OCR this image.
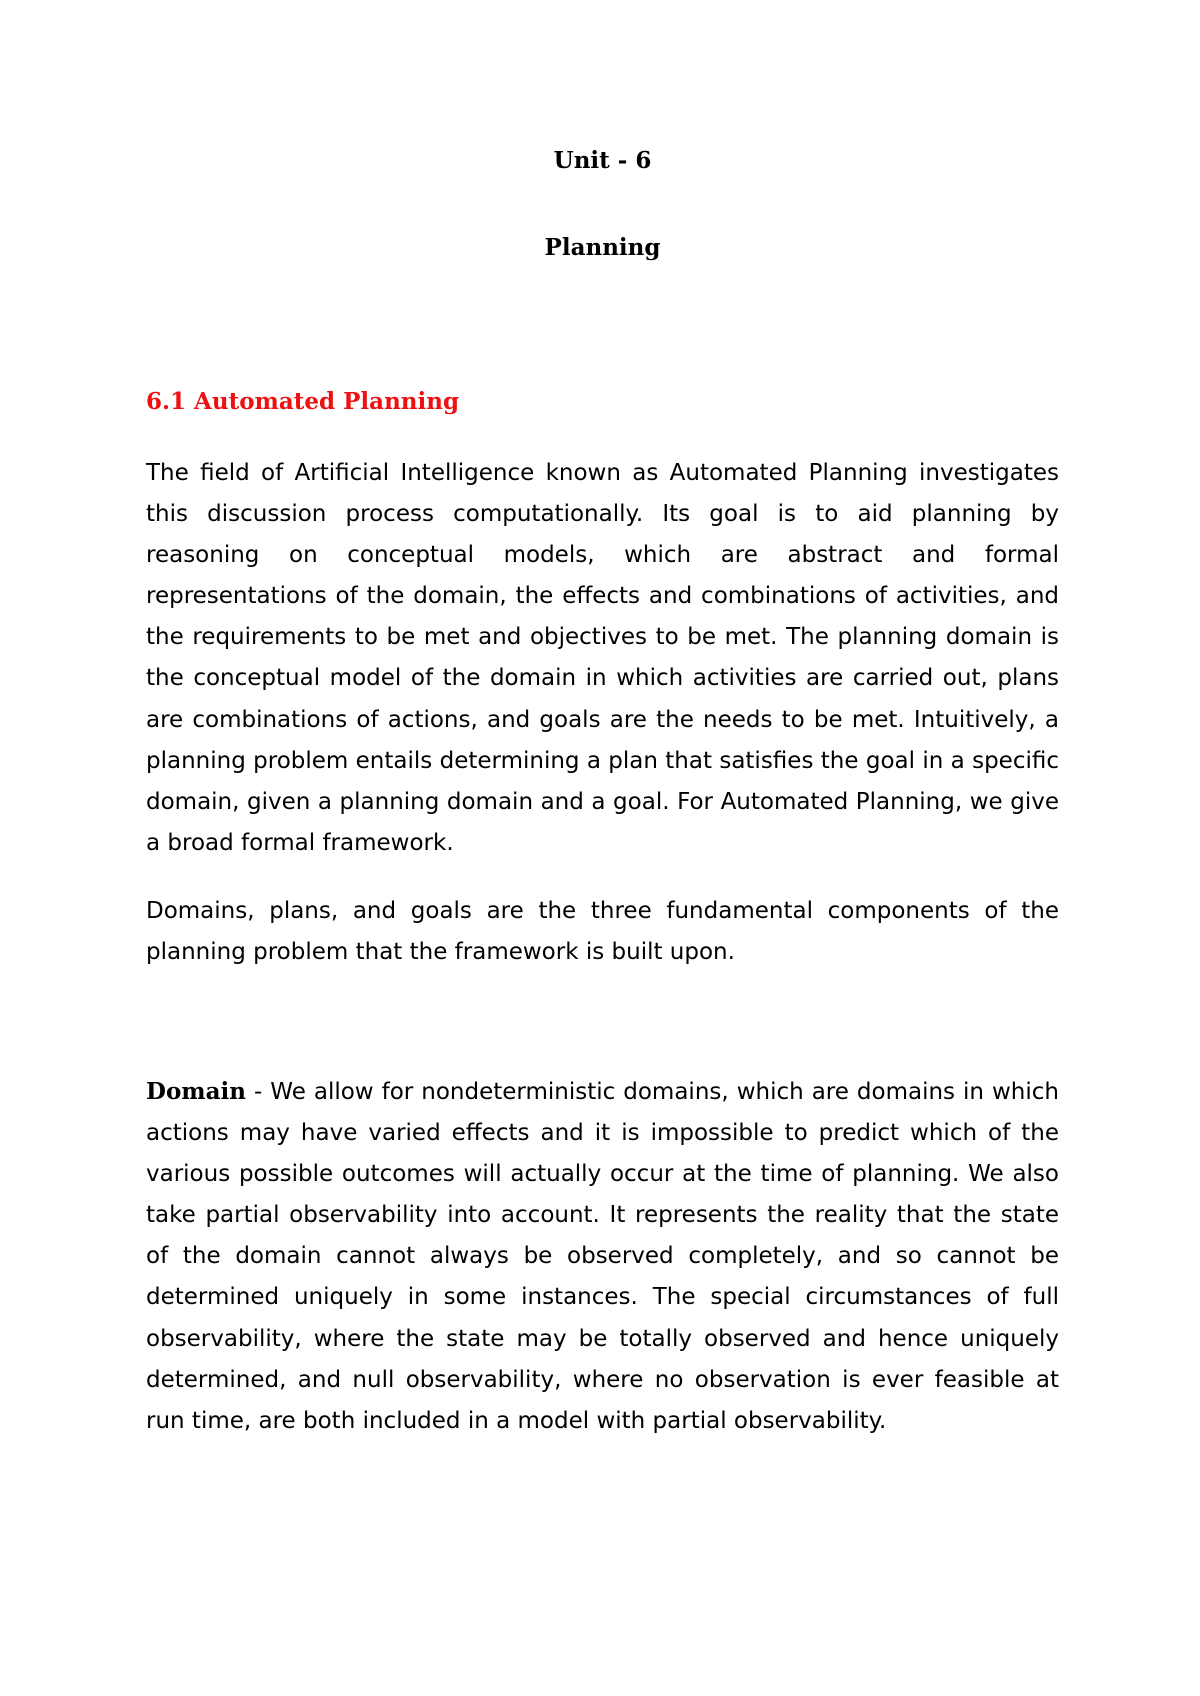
Unit - 6
Planning
6.1 Automated Planning

The field of Artificial Intelligence known as Automated Planning investigates this discussion process computationally. Its goal is to aid planning by reasoning on conceptual models, which are abstract and formal representations of the domain, the effects and combinations of activities, and the requirements to be met and objectives to be met. The planning domain is the conceptual model of the domain in which activities are carried out, plans are combinations of actions, and goals are the needs to be met. Intuitively, a planning problem entails determining a plan that satisfies the goal in a specific domain, given a planning domain and a goal. For Automated Planning, we give a broad formal framework.

Domains, plans, and goals are the three fundamental components of the planning problem that the framework is built upon.

Domain - We allow for nondeterministic domains, which are domains in which actions may have varied effects and it is impossible to predict which of the various possible outcomes will actually occur at the time of planning. We also take partial observability into account. It represents the reality that the state of the domain cannot always be observed completely, and so cannot be determined uniquely in some instances. The special circumstances of full observability, where the state may be totally observed and hence uniquely determined, and null observability, where no observation is ever feasible at run time, are both included in a model with partial observability.
